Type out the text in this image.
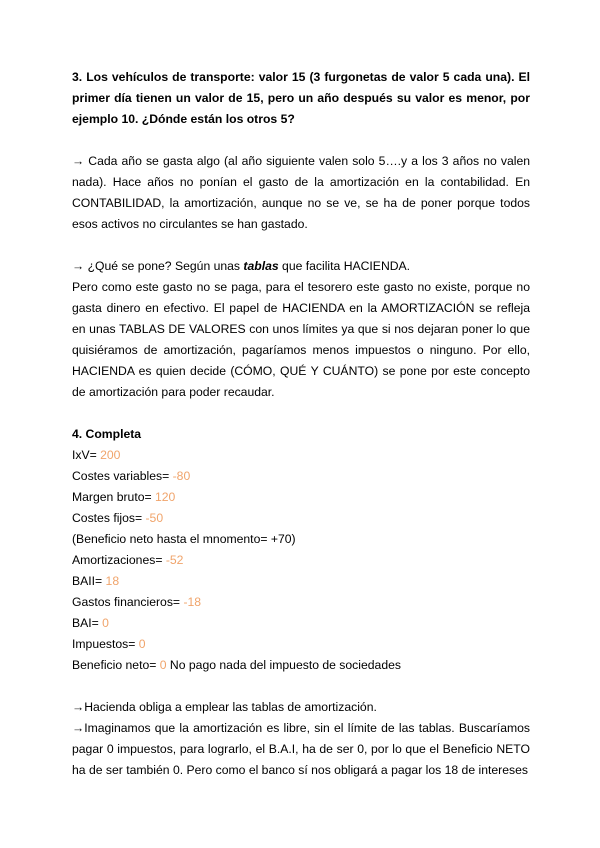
3. Los vehículos de transporte: valor 15 (3 furgonetas de valor 5 cada una). El primer día tienen un valor de 15, pero un año después su valor es menor, por ejemplo 10. ¿Dónde están los otros 5?
→ Cada año se gasta algo (al año siguiente valen solo 5….y a los 3 años no valen nada). Hace años no ponían el gasto de la amortización en la contabilidad. En CONTABILIDAD, la amortización, aunque no se ve, se ha de poner porque todos esos activos no circulantes se han gastado.
→ ¿Qué se pone? Según unas tablas que facilita HACIENDA.
Pero como este gasto no se paga, para el tesorero este gasto no existe, porque no gasta dinero en efectivo. El papel de HACIENDA en la AMORTIZACIÓN se refleja en unas TABLAS DE VALORES con unos límites ya que si nos dejaran poner lo que quisiéramos de amortización, pagaríamos menos impuestos o ninguno. Por ello, HACIENDA es quien decide (CÓMO, QUÉ Y CUÁNTO) se pone por este concepto de amortización para poder recaudar.
4. Completa
IxV= 200
Costes variables= -80
Margen bruto= 120
Costes fijos= -50
(Beneficio neto hasta el mnomento= +70)
Amortizaciones= -52
BAII= 18
Gastos financieros= -18
BAI= 0
Impuestos= 0
Beneficio neto= 0 No pago nada del impuesto de sociedades
→Hacienda obliga a emplear las tablas de amortización.
→Imaginamos que la amortización es libre, sin el límite de las tablas. Buscaríamos pagar 0 impuestos, para lograrlo, el B.A.I, ha de ser 0, por lo que el Beneficio NETO ha de ser también 0. Pero como el banco sí nos obligará a pagar los 18 de intereses
